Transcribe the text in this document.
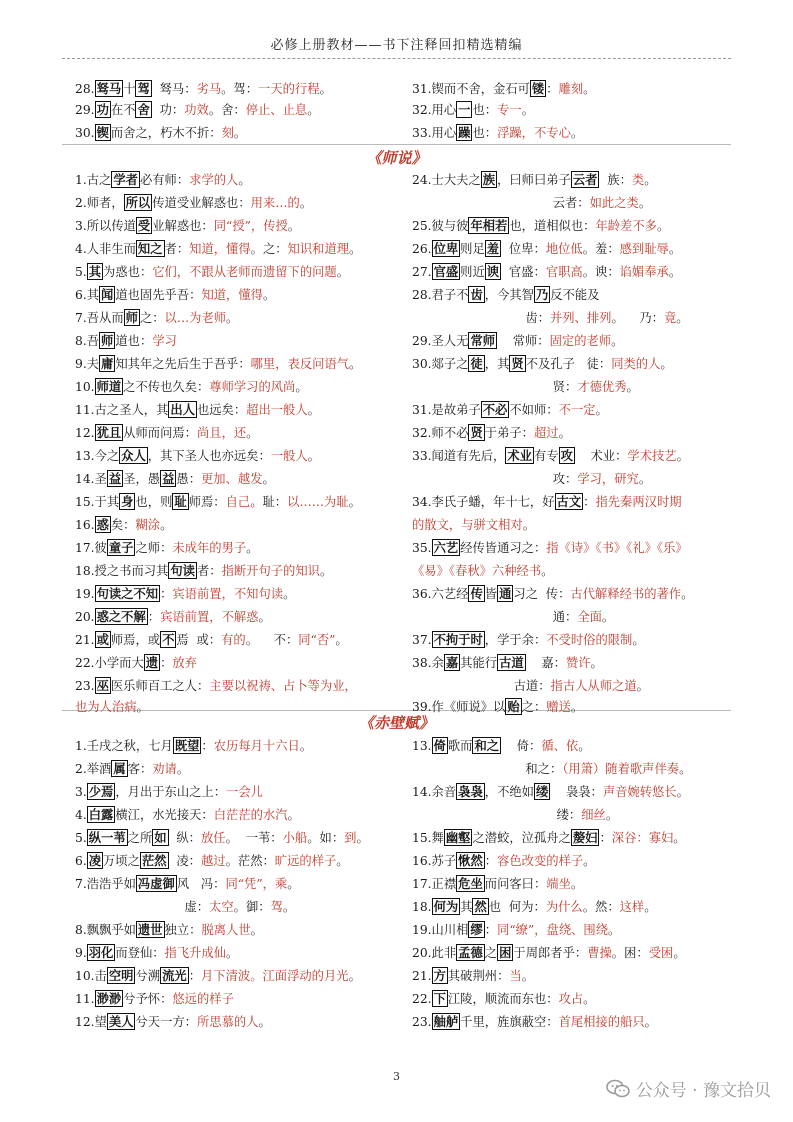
必修上册教材——书下注释回扣精选精编
《师说》
《赤壁赋》
28. 驽马 十 驾  驽马：劣马。驾：一天的行程。
29. 功 在不 舍  功：功效。舍：停止、止息。
30. 锲 而舍之，朽木不折：刻。
31.锲而不舍，金石可 镂 ：雕刻。
32.用心 一 也：专一。
33.用心 躁 也：浮躁，不专心。
1.古之 学者 必有师：求学的人。
2.师者， 所以 传道受业解惑也：用来…的。
3.所以传道 受 业解惑也：同“授”，传授。
4.人非生而 知之 者：知道，懂得。之：知识和道理。
5. 其 为惑也：它们，不跟从老师而遗留下的问题。
6.其 闻 道也固先乎吾：知道，懂得。
7.吾从而 师 之：以…为老师。
8.吾 师 道也：学习
9.夫 庸 知其年之先后生于吾乎：哪里，表反问语气。
10. 师道 之不传也久矣：尊师学习的风尚。
11.古之圣人，其 出人 也远矣：超出一般人。
12. 犹且 从师而问焉：尚且，还。
13.今之 众人 ，其下圣人也亦远矣：一般人。
14.圣 益 圣，愚 益 愚：更加、越发。
15.于其 身 也，则 耻 师焉：自己。耻：以……为耻。
16. 惑 矣：糊涂。
17.彼 童子 之师：未成年的男子。
18.授之书而习其 句读 者：指断开句子的知识。
19. 句读之不知 ：宾语前置，不知句读。
20. 惑之不解 ：宾语前置，不解惑。
21. 或 师焉，或 不 焉  或：有的。    不：同“否”。
22.小学而大 遗 ：放弃
23. 巫 医乐师百工之人：主要以祝祷、占卜等为业，
也为人治病。
24.士大夫之 族 ，曰师曰弟子 云者  族：类。
云者：如此之类。
25.彼与彼 年相若 也，道相似也：年龄差不多。
26. 位卑 则足 羞  位卑：地位低。羞：感到耻辱。
27. 官盛 则近 谀  官盛：官职高。谀：谄媚奉承。
28.君子不 齿 ，今其智 乃 反不能及
齿：并列、排列。    乃：竟。
29.圣人无 常师    常师：固定的老师。
30.郯子之 徒 ，其 贤 不及孔子   徒：同类的人。
贤：才德优秀。
31.是故弟子 不必 不如师：不一定。
32.师不必 贤 于弟子：超过。
33.闻道有先后， 术业 有专 攻    术业：学术技艺。
攻：学习，研究。
34.李氏子蟠，年十七，好 古文 ：指先秦两汉时期
的散文，与骈文相对。
35. 六艺 经传皆通习之：指《诗》《书》《礼》《乐》
《易》《春秋》六种经书。
36.六艺经 传 皆 通 习之  传：古代解释经书的著作。
通：全面。
37. 不拘于时 ，学于余：不受时俗的限制。
38.余 嘉 其能行 古道    嘉：赞许。
古道：指古人从师之道。
39.作《师说》以 贻 之：赠送。
1.壬戌之秋，七月 既望 ：农历每月十六日。
2.举酒 属 客：劝请。
3. 少焉 ，月出于东山之上：一会儿
4. 白露 横江，水光接天：白茫茫的水汽。
5. 纵一苇 之所 如  纵：放任。  一苇：小船。如：到。
6. 凌 万顷之 茫然  凌：越过。茫然：旷远的样子。
7.浩浩乎如 冯虚御 风   冯：同“凭”，乘。
虚：太空。御：驾。
8.飘飘乎如 遗世 独立：脱离人世。
9. 羽化 而登仙：指飞升成仙。
10.击 空明 兮溯 流光 ：月下清波。江面浮动的月光。
11. 渺渺 兮予怀：悠远的样子
12.望 美人 兮天一方：所思慕的人。
13. 倚 歌而 和之    倚：循、依。
和之：（用箫）随着歌声伴奏。
14.余音 袅袅 ，不绝如 缕    袅袅：声音婉转悠长。
缕：细丝。
15.舞 幽壑 之潜蛟，泣孤舟之 嫠妇 ：深谷：寡妇。
16.苏子 愀然 ：容色改变的样子。
17.正襟 危坐 而问客曰：端坐。
18. 何为 其 然 也  何为：为什么。然：这样。
19.山川相 缪 ：同“缭”，盘绕、围绕。
20.此非 孟德 之 困 于周郎者乎：曹操。困：受困。
21. 方 其破荆州：当。
22. 下 江陵，顺流而东也：攻占。
23. 舳舻 千里，旌旗蔽空：首尾相接的船只。
3
公众号 · 豫文拾贝
